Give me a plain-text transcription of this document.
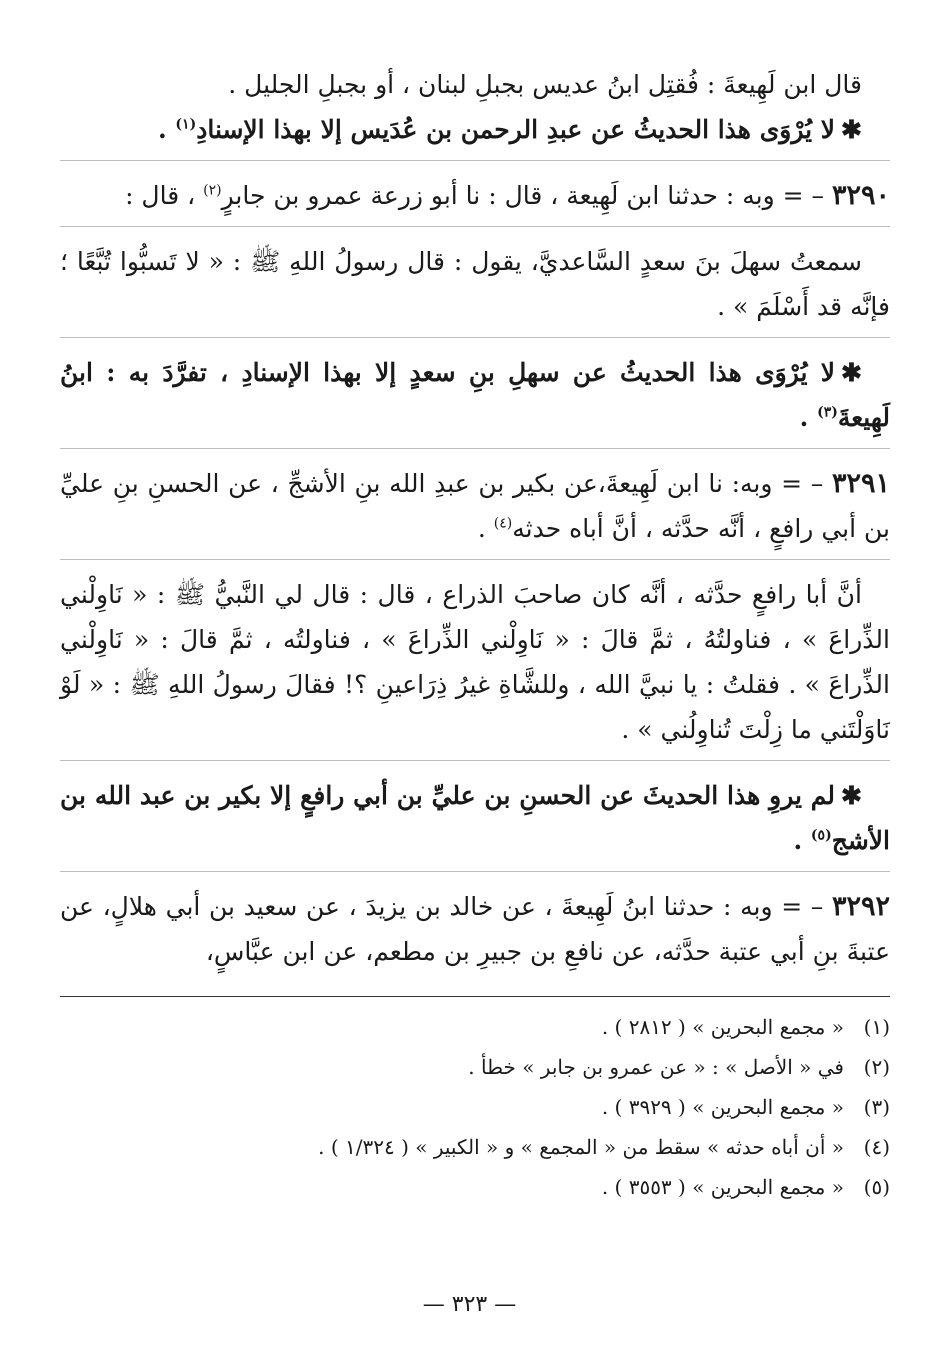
قال ابن لَهِيعةَ : فُقتِل ابنُ عديس بجبلِ لبنان ، أو بجبلِ الجليل .

✱لا يُرْوَى هذا الحديثُ عن عبدِ الرحمن بن عُدَيس إلا بهذا الإسنادِ$^{(١)}$ .

٣٢٩٠ – = وبه : حدثنا ابن لَهِيعة ، قال : نا أبو زرعة عمرو بن جابرٍ$^{(٢)}$ ، قال :

سمعتُ سهلَ بنَ سعدٍ السَّاعديَّ، يقول : قال رسولُ اللهِ ﷺ : « لا تَسبُّوا تُبَّعًا ؛ فإنَّه قد أَسْلَمَ » .

✱لا يُرْوَى هذا الحديثُ عن سهلِ بنِ سعدٍ إلا بهذا الإسنادِ ، تفرَّدَ به : ابنُ لَهِيعةَ$^{(٣)}$ .

٣٢٩١ – = وبه: نا ابن لَهِيعةَ،عن بكير بن عبدِ الله بنِ الأشجِّ ، عن الحسنِ بنِ عليِّ بن أبي رافعٍ ، أنَّه حدَّثه ، أنَّ أباه حدثه$^{(٤)}$ .

أنَّ أبا رافعٍ حدَّثه ، أنَّه كان صاحبَ الذراع ، قال : قال لي النَّبيُّ ﷺ : « نَاوِلْني الذِّراعَ » ، فناولتُهُ ، ثمَّ قالَ : « نَاوِلْني الذِّراعَ » ، فناولتُه ، ثمَّ قالَ : « نَاوِلْني الذِّراعَ » . فقلتُ : يا نبيَّ الله ، وللشَّاةِ غيرُ ذِرَاعينِ ؟! فقالَ رسولُ اللهِ ﷺ : « لَوْ نَاوَلْتَني ما زِلْتَ تُناوِلُني » .

✱لم يروِ هذا الحديثَ عن الحسنِ بن عليِّ بن أبي رافعٍ إلا بكير بن عبد الله بن الأشج$^{(٥)}$ .

٣٢٩٢ – = وبه : حدثنا ابنُ لَهِيعةَ ، عن خالد بن يزيدَ ، عن سعيد بن أبي هلالٍ، عن عتبةَ بنِ أبي عتبة حدَّثه، عن نافعِ بن جبيرِ بن مطعم، عن ابن عبَّاسٍ،

(١)« مجمع البحرين » ( ٢٨١٢ ) .

(٢)في « الأصل » : « عن عمرو بن جابر » خطأ .

(٣)« مجمع البحرين » ( ٣٩٢٩ ) .

(٤)« أن أباه حدثه » سقط من « المجمع » و « الكبير » ( ١/٣٢٤ ) .

(٥)« مجمع البحرين » ( ٣٥٥٣ ) .

— ٣٢٣ —
